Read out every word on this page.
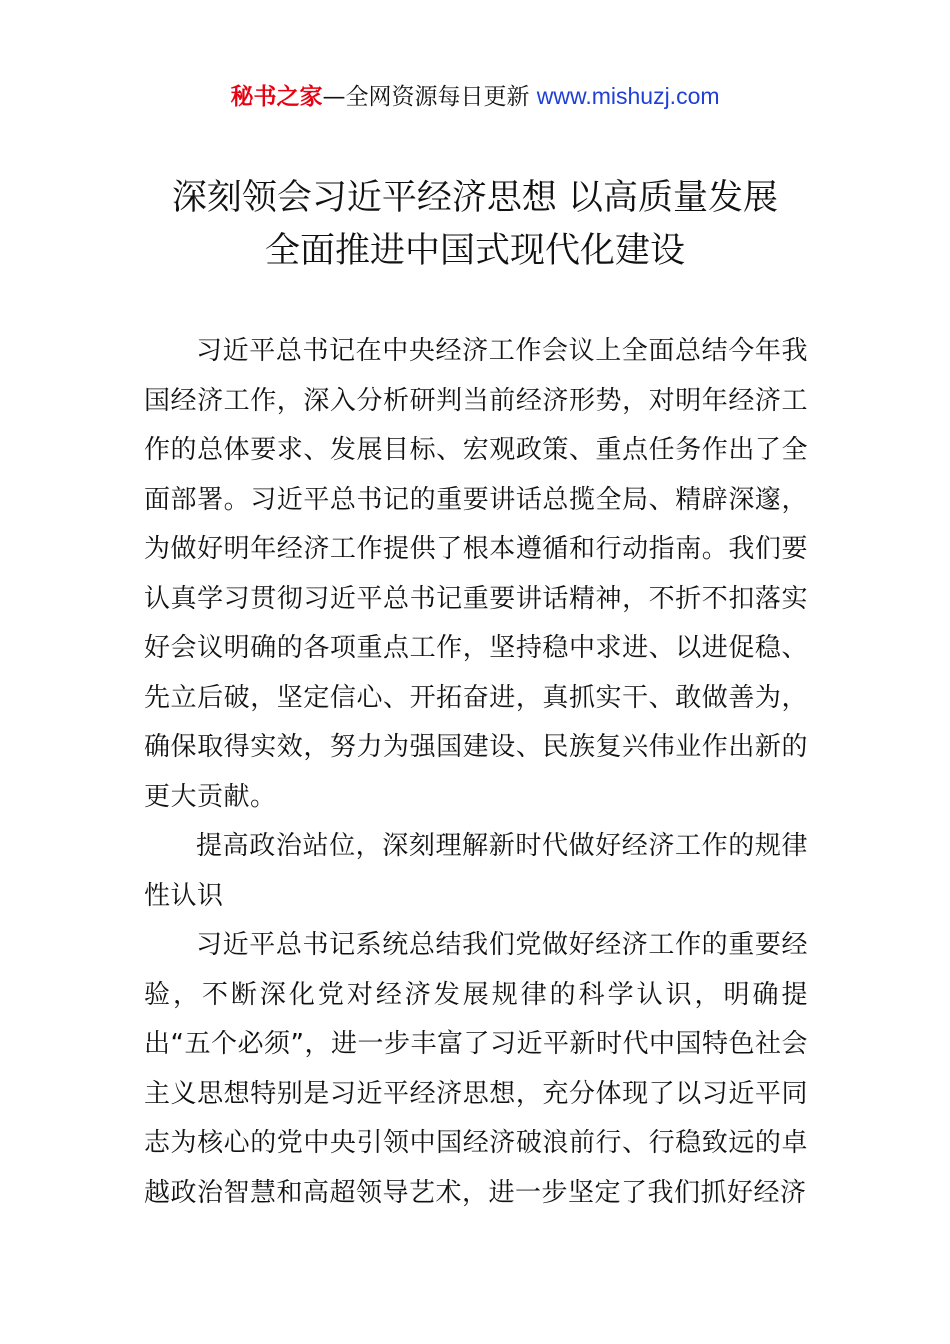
秘书之家—全网资源每日更新 www.mishuzj.com
深刻领会习近平经济思想 以高质量发展
全面推进中国式现代化建设

习近平总书记在中央经济工作会议上全面总结今年我国经济工作，深入分析研判当前经济形势，对明年经济工作的总体要求、发展目标、宏观政策、重点任务作出了全面部署。习近平总书记的重要讲话总揽全局、精辟深邃，为做好明年经济工作提供了根本遵循和行动指南。我们要认真学习贯彻习近平总书记重要讲话精神，不折不扣落实好会议明确的各项重点工作，坚持稳中求进、以进促稳、先立后破，坚定信心、开拓奋进，真抓实干、敢做善为，确保取得实效，努力为强国建设、民族复兴伟业作出新的更大贡献。

提高政治站位，深刻理解新时代做好经济工作的规律性认识

习近平总书记系统总结我们党做好经济工作的重要经验，不断深化党对经济发展规律的科学认识，明确提出“五个必须”，进一步丰富了习近平新时代中国特色社会主义思想特别是习近平经济思想，充分体现了以习近平同志为核心的党中央引领中国经济破浪前行、行稳致远的卓越政治智慧和高超领导艺术，进一步坚定了我们抓好经济
